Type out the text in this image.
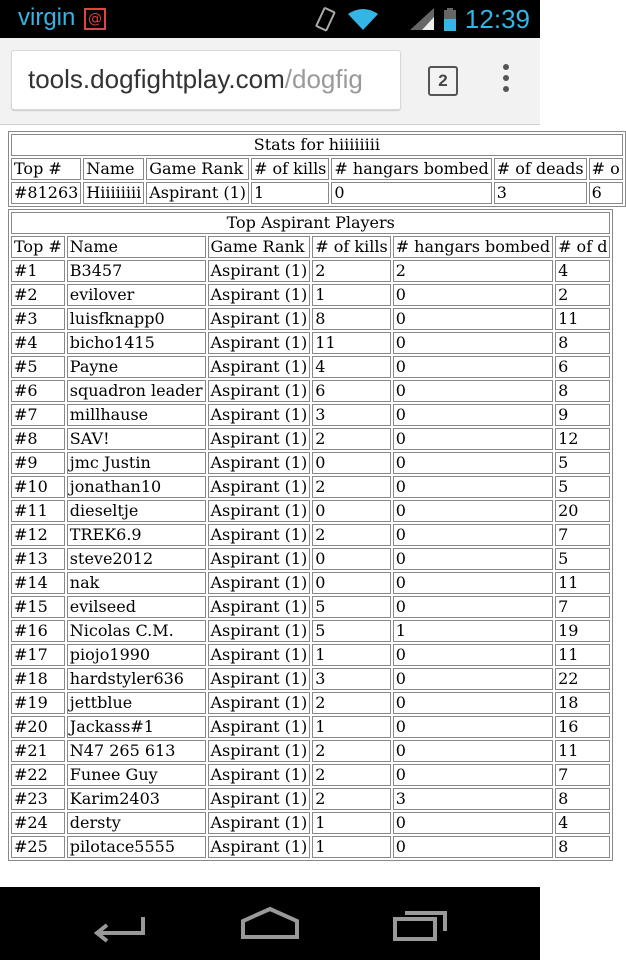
virgin @	12:39
tools.dogfightplay.com/dogfig	2
Stats for hiiiiiiii						
Top #	Name	Game Rank	# of kills	# hangars bombed	# of deads	# o
#81263	Hiiiiiiii	Aspirant (1)	1	0	3	6
Top Aspirant Players					
Top #	Name	Game Rank	# of kills	# hangars bombed	# of d
#1	B3457	Aspirant (1)	2	2	4
#2	evilover	Aspirant (1)	1	0	2
#3	luisfknapp0	Aspirant (1)	8	0	11
#4	bicho1415	Aspirant (1)	11	0	8
#5	Payne	Aspirant (1)	4	0	6
#6	squadron leader	Aspirant (1)	6	0	8
#7	millhause	Aspirant (1)	3	0	9
#8	SAV!	Aspirant (1)	2	0	12
#9	jmc Justin	Aspirant (1)	0	0	5
#10	jonathan10	Aspirant (1)	2	0	5
#11	dieseltje	Aspirant (1)	0	0	20
#12	TREK6.9	Aspirant (1)	2	0	7
#13	steve2012	Aspirant (1)	0	0	5
#14	nak	Aspirant (1)	0	0	11
#15	evilseed	Aspirant (1)	5	0	7
#16	Nicolas C.M.	Aspirant (1)	5	1	19
#17	piojo1990	Aspirant (1)	1	0	11
#18	hardstyler636	Aspirant (1)	3	0	22
#19	jettblue	Aspirant (1)	2	0	18
#20	Jackass#1	Aspirant (1)	1	0	16
#21	N47 265 613	Aspirant (1)	2	0	11
#22	Funee Guy	Aspirant (1)	2	0	7
#23	Karim2403	Aspirant (1)	2	3	8
#24	dersty	Aspirant (1)	1	0	4
#25	pilotace5555	Aspirant (1)	1	0	8
